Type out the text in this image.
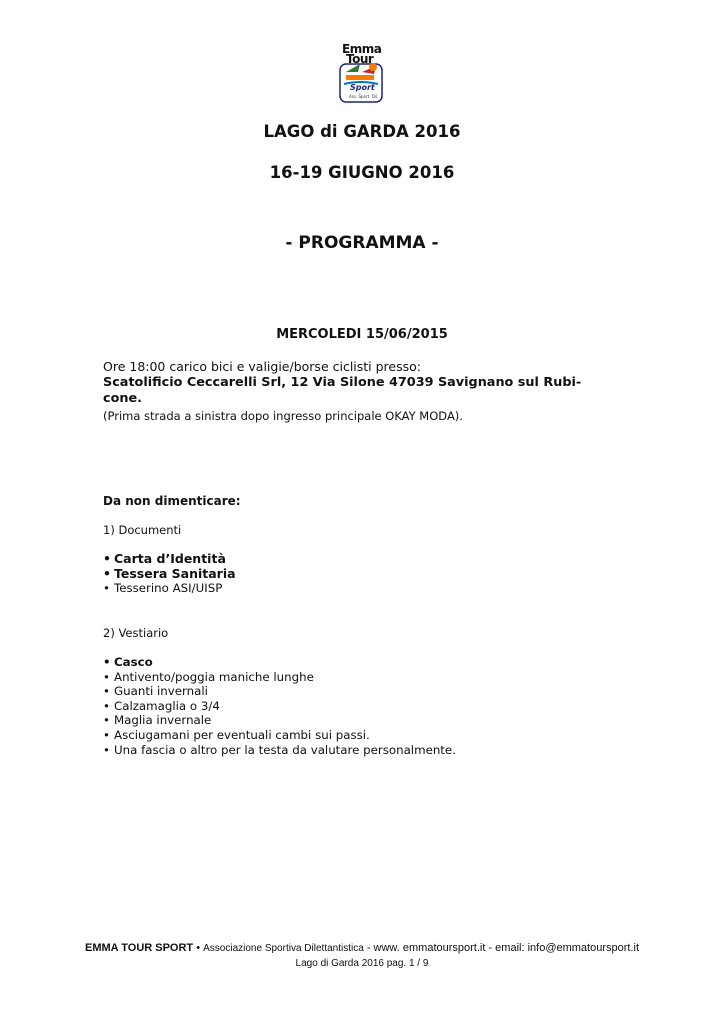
Emma
Tour
Sport
Ass. Sport. Dil.
LAGO di GARDA 2016
16-19 GIUGNO 2016
- PROGRAMMA -
MERCOLEDI 15/06/2015
Ore 18:00 carico bici e valigie/borse ciclisti presso:
Scatolificio Ceccarelli Srl, 12 Via Silone 47039 Savignano sul Rubi-
cone.
(Prima strada a sinistra dopo ingresso principale OKAY MODA).
Da non dimenticare:
1) Documenti
• Carta d’Identità
• Tessera Sanitaria
• Tesserino ASI/UISP
2) Vestiario
• Casco
• Antivento/poggia maniche lunghe
• Guanti invernali
• Calzamaglia o 3/4
• Maglia invernale
• Asciugamani per eventuali cambi sui passi.
• Una fascia o altro per la testa da valutare personalmente.
EMMA TOUR SPORT • Associazione Sportiva Dilettantistica - www. emmatoursport.it - email: info@emmatoursport.it
Lago di Garda 2016 pag. 1 / 9
